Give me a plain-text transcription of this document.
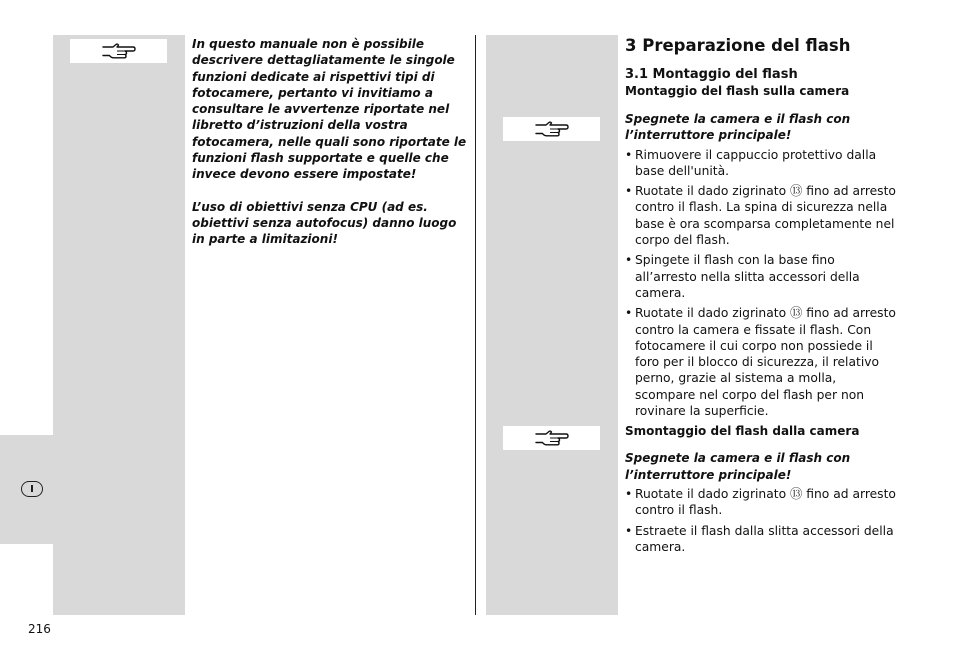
I

In questo manuale non è possibile descrivere dettagliatamente le singole funzioni dedicate ai rispettivi tipi di fotocamere, pertanto vi invitiamo a consultare le avvertenze riportate nel libretto d’istruzioni della vostra fotocamera, nelle quali sono riportate le funzioni flash supportate e quelle che invece devono essere impostate!

L’uso di obiettivi senza CPU (ad es. obiettivi senza autofocus) danno luogo in parte a limitazioni!

3 Preparazione del flash
3.1 Montaggio del flash
Montaggio del flash sulla camera

Spegnete la camera e il flash con l’interruttore principale!

• Rimuovere il cappuccio protettivo dalla base dell'unità.
• Ruotate il dado zigrinato ⑬ fino ad arresto contro il flash. La spina di sicurezza nella base è ora scomparsa completamente nel corpo del flash.
• Spingete il flash con la base fino all’arresto nella slitta accessori della camera.
• Ruotate il dado zigrinato ⑬ fino ad arresto contro la camera e fissate il flash. Con fotocamere il cui corpo non possiede il foro per il blocco di sicurezza, il relativo perno, grazie al sistema a molla, scompare nel corpo del flash per non rovinare la superficie.
Smontaggio del flash dalla camera

Spegnete la camera e il flash con l’interruttore principale!

• Ruotate il dado zigrinato ⑬ fino ad arresto contro il flash.
• Estraete il flash dalla slitta accessori della camera.
216
